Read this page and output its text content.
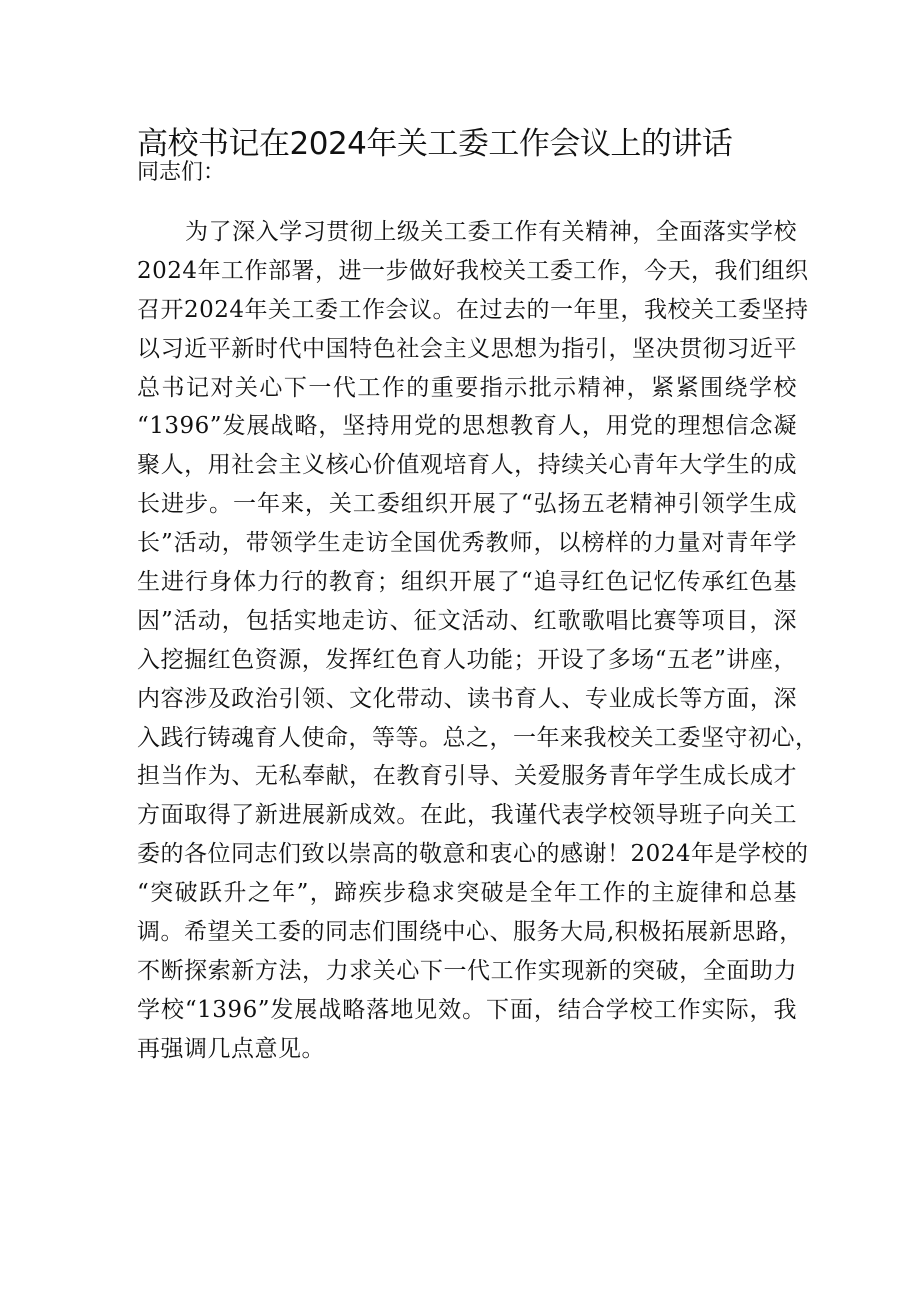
高校书记在2024年关工委工作会议上的讲话

同志们：

为了深入学习贯彻上级关工委工作有关精神，全面落实学校
2024年工作部署，进一步做好我校关工委工作，今天，我们组织
召开2024年关工委工作会议。在过去的一年里，我校关工委坚持
以习近平新时代中国特色社会主义思想为指引，坚决贯彻习近平
总书记对关心下一代工作的重要指示批示精神，紧紧围绕学校
“1396”发展战略，坚持用党的思想教育人，用党的理想信念凝
聚人，用社会主义核心价值观培育人，持续关心青年大学生的成
长进步。一年来，关工委组织开展了“弘扬五老精神引领学生成
长”活动，带领学生走访全国优秀教师，以榜样的力量对青年学
生进行身体力行的教育；组织开展了“追寻红色记忆传承红色基
因”活动，包括实地走访、征文活动、红歌歌唱比赛等项目，深
入挖掘红色资源，发挥红色育人功能；开设了多场“五老”讲座，
内容涉及政治引领、文化带动、读书育人、专业成长等方面，深
入践行铸魂育人使命，等等。总之，一年来我校关工委坚守初心，
担当作为、无私奉献，在教育引导、关爱服务青年学生成长成才
方面取得了新进展新成效。在此，我谨代表学校领导班子向关工
委的各位同志们致以崇高的敬意和衷心的感谢！2024年是学校的
“突破跃升之年”，蹄疾步稳求突破是全年工作的主旋律和总基
调。希望关工委的同志们围绕中心、服务大局,积极拓展新思路，
不断探索新方法，力求关心下一代工作实现新的突破，全面助力
学校“1396”发展战略落地见效。下面，结合学校工作实际，我
再强调几点意见。
